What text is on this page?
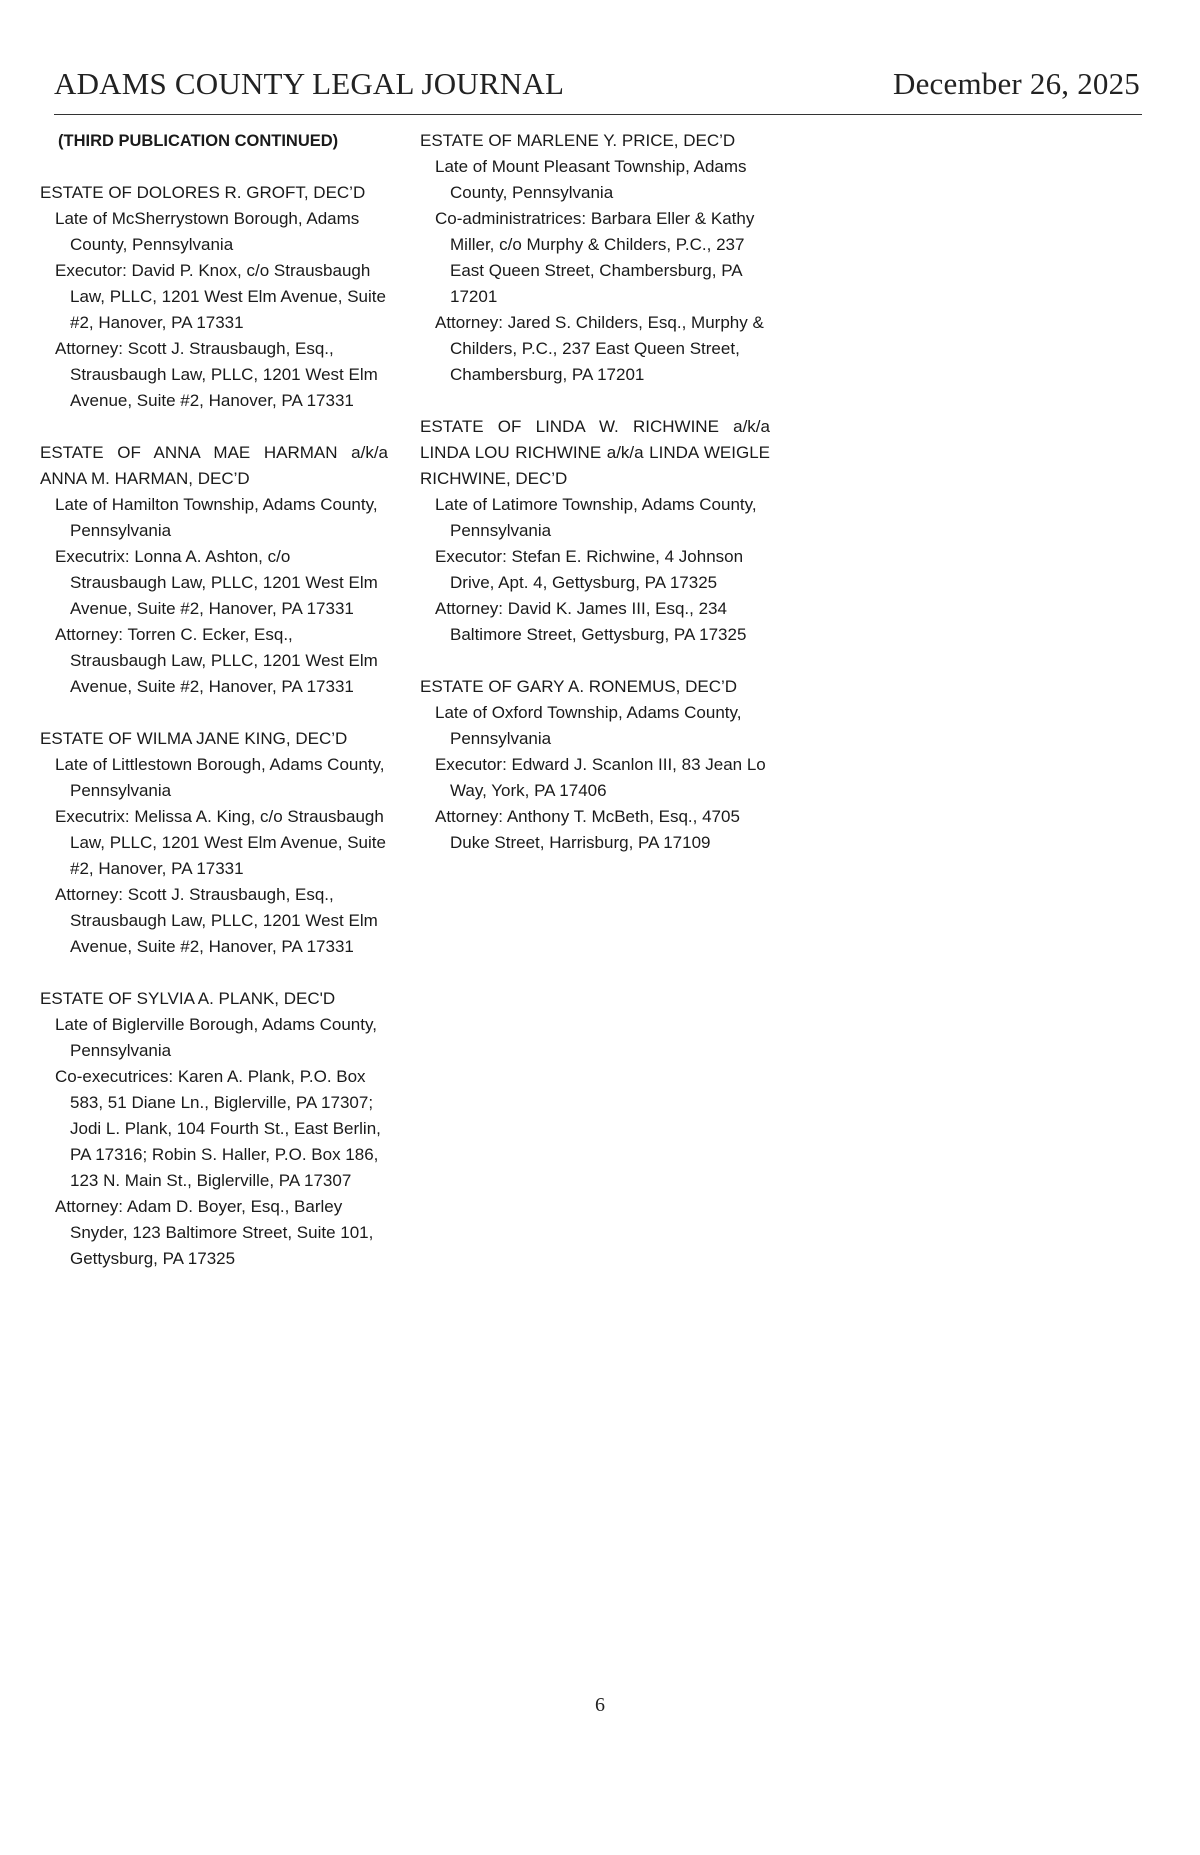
ADAMS COUNTY LEGAL JOURNAL	December 26, 2025

(THIRD PUBLICATION CONTINUED)

ESTATE OF DOLORES R. GROFT, DEC’D

Late of McSherrystown Borough, Adams County, Pennsylvania

Executor: David P. Knox, c/o Strausbaugh Law, PLLC, 1201 West Elm Avenue, Suite #2, Hanover, PA 17331

Attorney: Scott J. Strausbaugh, Esq., Strausbaugh Law, PLLC, 1201 West Elm Avenue, Suite #2, Hanover, PA 17331

ESTATE OF ANNA MAE HARMAN a/k/a ANNA M. HARMAN, DEC’D

Late of Hamilton Township, Adams County, Pennsylvania

Executrix: Lonna A. Ashton, c/o Strausbaugh Law, PLLC, 1201 West Elm Avenue, Suite #2, Hanover, PA 17331

Attorney: Torren C. Ecker, Esq., Strausbaugh Law, PLLC, 1201 West Elm Avenue, Suite #2, Hanover, PA 17331

ESTATE OF WILMA JANE KING, DEC’D

Late of Littlestown Borough, Adams County, Pennsylvania

Executrix: Melissa A. King, c/o Strausbaugh Law, PLLC, 1201 West Elm Avenue, Suite #2, Hanover, PA 17331

Attorney: Scott J. Strausbaugh, Esq., Strausbaugh Law, PLLC, 1201 West Elm Avenue, Suite #2, Hanover, PA 17331

ESTATE OF SYLVIA A. PLANK, DEC'D

Late of Biglerville Borough, Adams County, Pennsylvania

Co-executrices: Karen A. Plank, P.O. Box 583, 51 Diane Ln., Biglerville, PA 17307; Jodi L. Plank, 104 Fourth St., East Berlin, PA 17316; Robin S. Haller, P.O. Box 186, 123 N. Main St., Biglerville, PA 17307

Attorney: Adam D. Boyer, Esq., Barley Snyder, 123 Baltimore Street, Suite 101, Gettysburg, PA 17325

ESTATE OF MARLENE Y. PRICE, DEC’D

Late of Mount Pleasant Township, Adams County, Pennsylvania

Co-administratrices: Barbara Eller & Kathy Miller, c/o Murphy & Childers, P.C., 237 East Queen Street, Chambersburg, PA 17201

Attorney: Jared S. Childers, Esq., Murphy & Childers, P.C., 237 East Queen Street, Chambersburg, PA 17201

ESTATE OF LINDA W. RICHWINE a/k/a LINDA LOU RICHWINE a/k/a LINDA WEIGLE RICHWINE, DEC’D

Late of Latimore Township, Adams County, Pennsylvania

Executor: Stefan E. Richwine, 4 Johnson Drive, Apt. 4, Gettysburg, PA 17325

Attorney: David K. James III, Esq., 234 Baltimore Street, Gettysburg, PA 17325

ESTATE OF GARY A. RONEMUS, DEC’D

Late of Oxford Township, Adams County, Pennsylvania

Executor: Edward J. Scanlon III, 83 Jean Lo Way, York, PA 17406

Attorney: Anthony T. McBeth, Esq., 4705 Duke Street, Harrisburg, PA 17109

6
